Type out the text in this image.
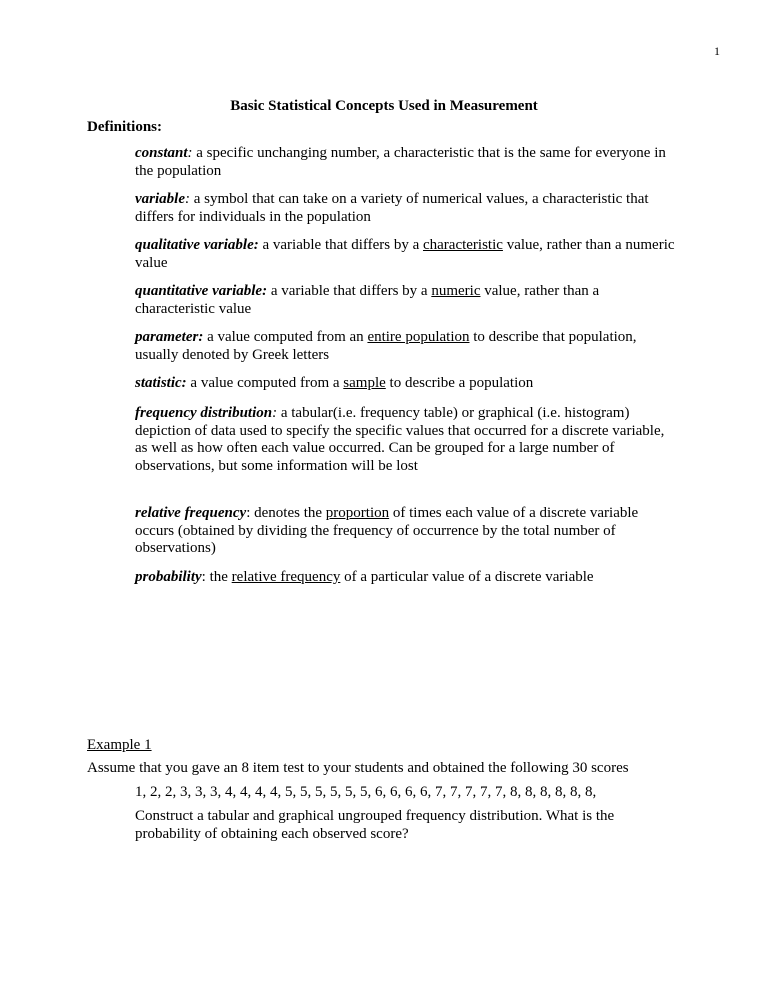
1
Basic Statistical Concepts Used in Measurement
Definitions:
constant: a specific unchanging number, a characteristic that is the same for everyone in the population
variable: a symbol that can take on a variety of numerical values, a characteristic that differs for individuals in the population
qualitative variable: a variable that differs by a characteristic value, rather than a numeric value
quantitative variable: a variable that differs by a numeric value, rather than a characteristic value
parameter: a value computed from an entire population to describe that population, usually denoted by Greek letters
statistic: a value computed from a sample to describe a population
frequency distribution: a tabular(i.e. frequency table) or graphical (i.e. histogram) depiction of data used to specify the specific values that occurred for a discrete variable, as well as how often each value occurred. Can be grouped for a large number of observations, but some information will be lost
relative frequency: denotes the proportion of times each value of a discrete variable occurs (obtained by dividing the frequency of occurrence by the total number of observations)
probability: the relative frequency of a particular value of a discrete variable
Example 1
Assume that you gave an 8 item test to your students and obtained the following 30 scores
1, 2, 2, 3, 3, 3, 4, 4, 4, 4, 5, 5, 5, 5, 5, 5, 6, 6, 6, 6, 7, 7, 7, 7, 7, 8, 8, 8, 8, 8, 8,
Construct a tabular and graphical ungrouped frequency distribution. What is the probability of obtaining each observed score?
